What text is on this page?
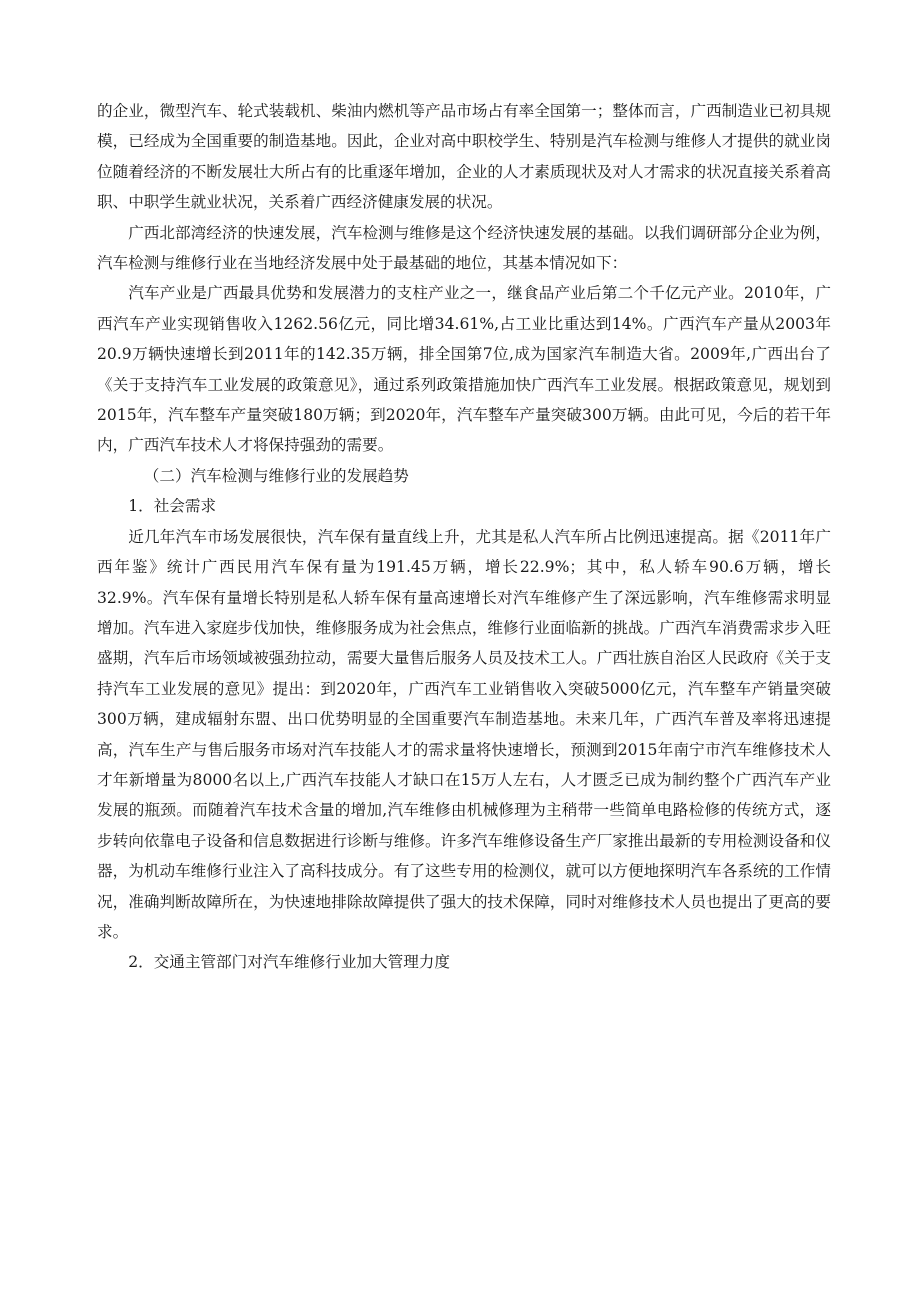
的企业，微型汽车、轮式装载机、柴油内燃机等产品市场占有率全国第一；整体而言，广西制造业已初具规模，已经成为全国重要的制造基地。因此，企业对高中职校学生、特别是汽车检测与维修人才提供的就业岗位随着经济的不断发展壮大所占有的比重逐年增加，企业的人才素质现状及对人才需求的状况直接关系着高职、中职学生就业状况，关系着广西经济健康发展的状况。

广西北部湾经济的快速发展，汽车检测与维修是这个经济快速发展的基础。以我们调研部分企业为例，汽车检测与维修行业在当地经济发展中处于最基础的地位，其基本情况如下：

汽车产业是广西最具优势和发展潜力的支柱产业之一，继食品产业后第二个千亿元产业。2010年，广西汽车产业实现销售收入1262.56亿元，同比增34.61%,占工业比重达到14%。广西汽车产量从2003年20.9万辆快速增长到2011年的142.35万辆，排全国第7位,成为国家汽车制造大省。2009年,广西出台了《关于支持汽车工业发展的政策意见》，通过系列政策措施加快广西汽车工业发展。根据政策意见，规划到2015年，汽车整车产量突破180万辆；到2020年，汽车整车产量突破300万辆。由此可见，今后的若干年内，广西汽车技术人才将保持强劲的需要。

（二）汽车检测与维修行业的发展趋势

1．社会需求

近几年汽车市场发展很快，汽车保有量直线上升，尤其是私人汽车所占比例迅速提高。据《2011年广西年鉴》统计广西民用汽车保有量为191.45万辆，增长22.9%；其中，私人轿车90.6万辆，增长32.9%。汽车保有量增长特别是私人轿车保有量高速增长对汽车维修产生了深远影响，汽车维修需求明显增加。汽车进入家庭步伐加快，维修服务成为社会焦点，维修行业面临新的挑战。广西汽车消费需求步入旺盛期，汽车后市场领域被强劲拉动，需要大量售后服务人员及技术工人。广西壮族自治区人民政府《关于支持汽车工业发展的意见》提出：到2020年，广西汽车工业销售收入突破5000亿元，汽车整车产销量突破300万辆，建成辐射东盟、出口优势明显的全国重要汽车制造基地。未来几年，广西汽车普及率将迅速提高，汽车生产与售后服务市场对汽车技能人才的需求量将快速增长，预测到2015年南宁市汽车维修技术人才年新增量为8000名以上,广西汽车技能人才缺口在15万人左右，人才匮乏已成为制约整个广西汽车产业发展的瓶颈。而随着汽车技术含量的增加,汽车维修由机械修理为主稍带一些简单电路检修的传统方式，逐步转向依靠电子设备和信息数据进行诊断与维修。许多汽车维修设备生产厂家推出最新的专用检测设备和仪器，为机动车维修行业注入了高科技成分。有了这些专用的检测仪，就可以方便地探明汽车各系统的工作情况，准确判断故障所在，为快速地排除故障提供了强大的技术保障，同时对维修技术人员也提出了更高的要求。

2．交通主管部门对汽车维修行业加大管理力度
